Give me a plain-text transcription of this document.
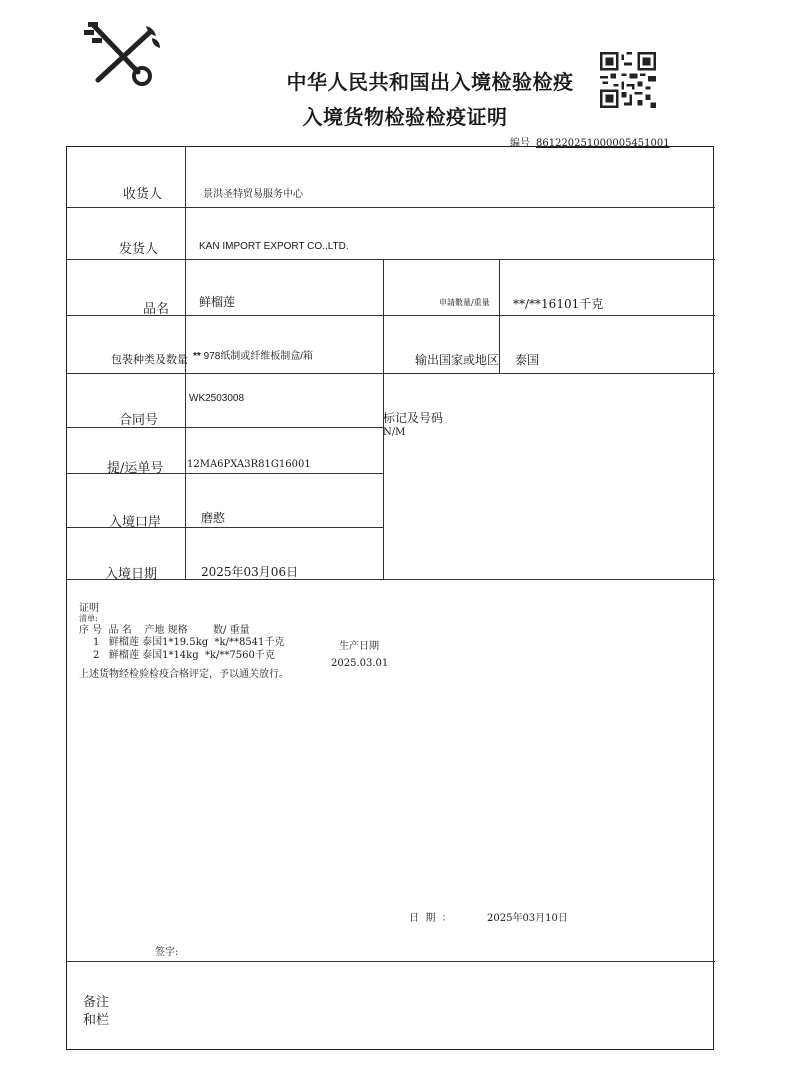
中华人民共和国出入境检验检疫
入境货物检验检疫证明
编号 861220251000005451001
收货人	景洪圣特贸易服务中心
发货人	KAN IMPORT EXPORT CO.,LTD.
品名 鲜榴莲	申請數量/重量 **/**16101千克
包裝种类及数量 ** 978纸制或纤维板制盒/箱	输出国家或地区 泰国
合同号
WK2503008
标记及号码
N/M
提/运单号 12MA6PXA3R81G16001
入境口岸	磨憨
入境日期	2025年03月06日
证明
清单:
序 号  品 名    产地 规格        数/ 重量
1   鲜榴莲 泰国1*19.5kg  *k/**8541千克
2   鲜榴莲 泰国1*14kg  *k/**7560千克
生产日期
2025.03.01
上述货物经检验检疫合格评定，予以通关放行。
日  期  ：	2025年03月10日
签字:
备注
和栏
